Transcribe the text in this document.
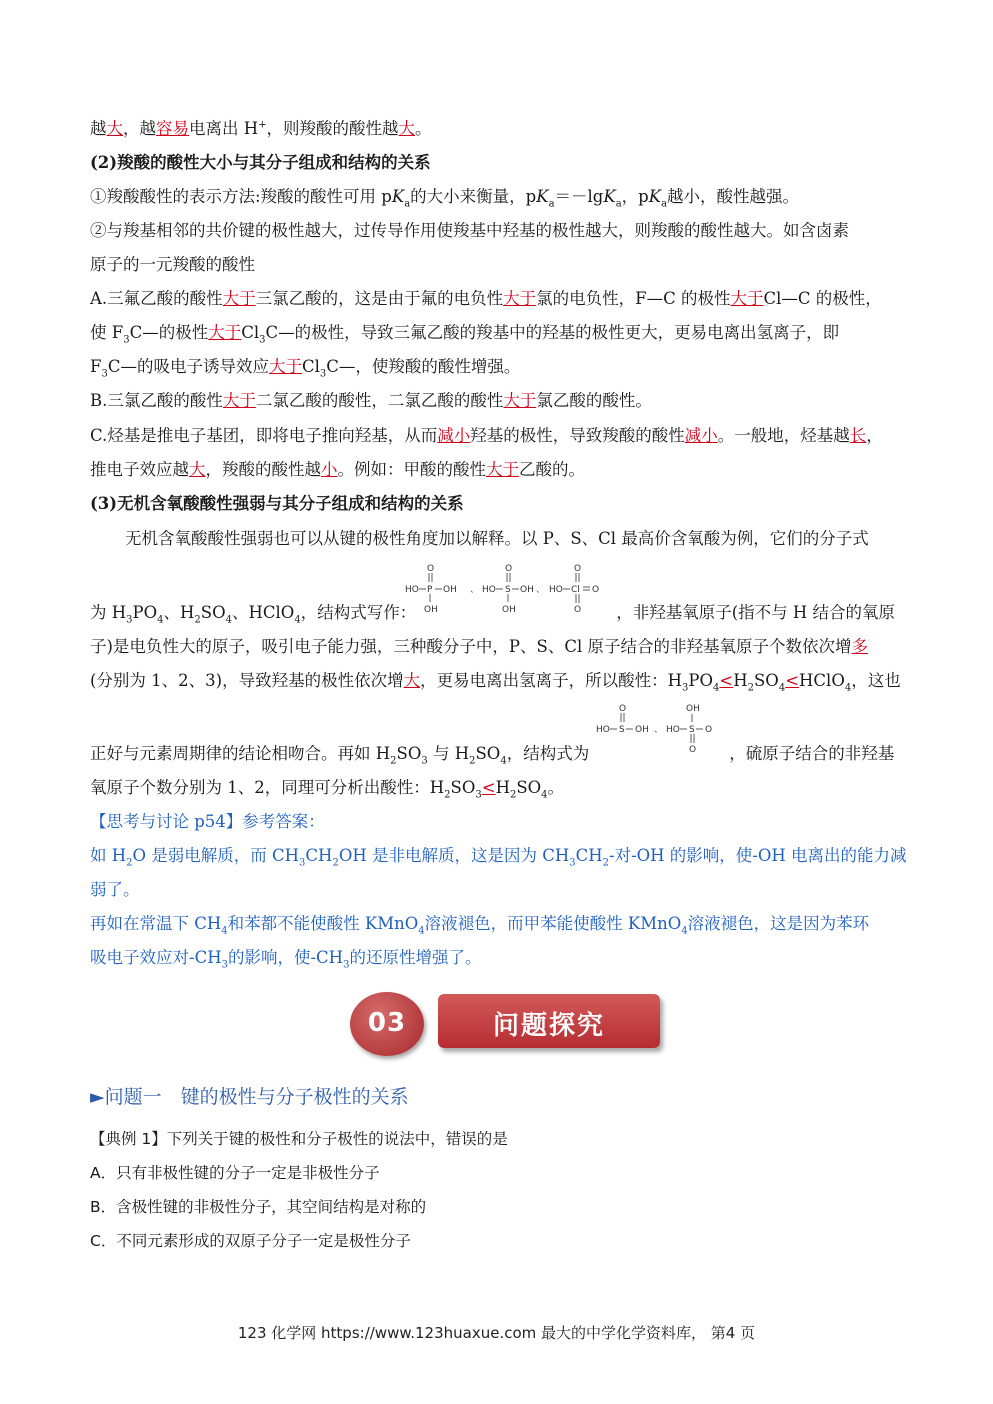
越大，越容易电离出 H+，则羧酸的酸性越大。
(2)羧酸的酸性大小与其分子组成和结构的关系
①羧酸酸性的表示方法:羧酸的酸性可用 $pK_a$的大小来衡量，$pK_a=-\lg K_a$，$pK_a$越小，酸性越强。
②与羧基相邻的共价键的极性越大，过传导作用使羧基中羟基的极性越大，则羧酸的酸性越大。如含卤素
原子的一元羧酸的酸性
A.三氟乙酸的酸性大于三氯乙酸的，这是由于氟的电负性大于氯的电负性，F—C 的极性大于Cl—C 的极性，
使 $F_3C—$的极性大于$Cl_3C—$的极性，导致三氟乙酸的羧基中的羟基的极性更大，更易电离出氢离子，即
$F_3C—$的吸电子诱导效应大于$Cl_3C—$，使羧酸的酸性增强。
B.三氯乙酸的酸性大于二氯乙酸的酸性，二氯乙酸的酸性大于氯乙酸的酸性。
C.烃基是推电子基团，即将电子推向羟基，从而减小羟基的极性，导致羧酸的酸性减小。一般地，烃基越长，
推电子效应越大，羧酸的酸性越小。例如：甲酸的酸性大于乙酸的。
(3)无机含氧酸酸性强弱与其分子组成和结构的关系
无机含氧酸酸性强弱也可以从键的极性角度加以解释。以 P、S、Cl 最高价含氧酸为例，它们的分子式
HO P OH
O
OH
、 HO S OH
O
OH
、 HO Cl O
O
O
为 $H_3PO_4$、$H_2SO_4$、HClO$_4$，结构式写作：	，非羟基氧原子(指不与 H 结合的氧原
子)是电负性大的原子，吸引电子能力强，三种酸分子中，P、S、Cl 原子结合的非羟基氧原子个数依次增多
(分别为 1、2、3)，导致羟基的极性依次增大，更易电离出氢离子，所以酸性：$H_3PO_4<H_2SO_4<HClO_4$，这也
HO S OH
O
、 HO S O
OH
O
正好与元素周期律的结论相吻合。再如 $H_2SO_3$ 与 $H_2SO_4$，结构式为	，硫原子结合的非羟基
氧原子个数分别为 1、2，同理可分析出酸性：$H_2SO_3<H_2SO_4$。
【思考与讨论 p54】参考答案：
如 $H_2O$ 是弱电解质，而 $CH_3CH_2OH$ 是非电解质，这是因为 $CH_3CH_2-$对-OH 的影响，使-OH 电离出的能力减
弱了。
再如在常温下 $CH_4$和苯都不能使酸性 KMnO$_4$溶液褪色，而甲苯能使酸性 KMnO$_4$溶液褪色，这是因为苯环
吸电子效应对$-CH_3$的影响，使$-CH_3$的还原性增强了。
03	问题探究
►问题一　键的极性与分子极性的关系
【典例 1】下列关于键的极性和分子极性的说法中，错误的是
A．只有非极性键的分子一定是非极性分子
B．含极性键的非极性分子，其空间结构是对称的
C．不同元素形成的双原子分子一定是极性分子
123 化学网 https://www.123huaxue.com 最大的中学化学资料库， 第4 页
